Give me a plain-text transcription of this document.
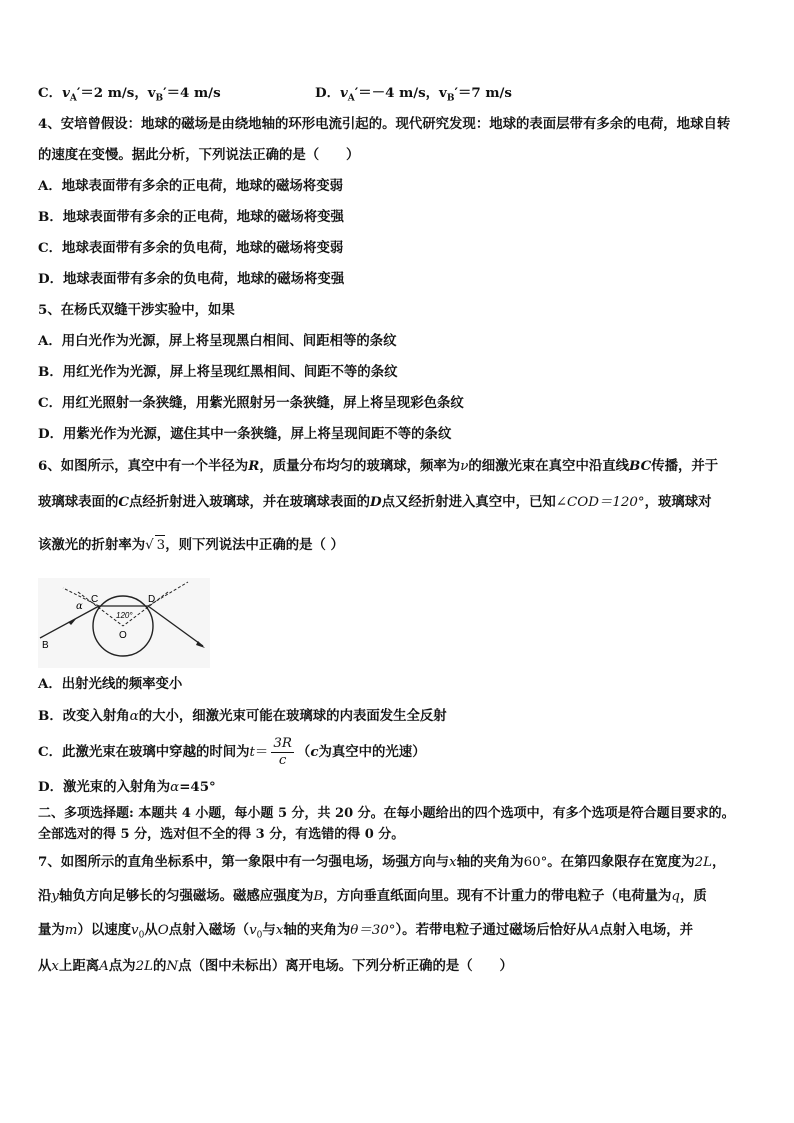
C．$v_A'=2$ m/s，$v_B'=4$ m/s	D．$v_A'=-4$ m/s，$v_B'=7$ m/s
4、安培曾假设：地球的磁场是由绕地轴的环形电流引起的。现代研究发现：地球的表面层带有多余的电荷，地球自转
的速度在变慢。据此分析，下列说法正确的是（　　）
A．地球表面带有多余的正电荷，地球的磁场将变弱
B．地球表面带有多余的正电荷，地球的磁场将变强
C．地球表面带有多余的负电荷，地球的磁场将变弱
D．地球表面带有多余的负电荷，地球的磁场将变强
5、在杨氏双缝干涉实验中，如果
A．用白光作为光源，屏上将呈现黑白相间、间距相等的条纹
B．用红光作为光源，屏上将呈现红黑相间、间距不等的条纹
C．用红光照射一条狭缝，用紫光照射另一条狭缝，屏上将呈现彩色条纹
D．用紫光作为光源，遮住其中一条狭缝，屏上将呈现间距不等的条纹
6、如图所示，真空中有一个半径为R，质量分布均匀的玻璃球，频率为ν的细激光束在真空中沿直线BC传播，并于
玻璃球表面的C点经折射进入玻璃球，并在玻璃球表面的D点又经折射进入真空中，已知∠COD＝120°，玻璃球对
该激光的折射率为√ 3，则下列说法中正确的是（ ）
B
C	D
O
α
120°
A．出射光线的频率变小
B．改变入射角α的大小，细激光束可能在玻璃球的内表面发生全反射
C．此激光束在玻璃中穿越的时间为$t= \frac{3R}{c} (c$为真空中的光速）
D．激光束的入射角为α=45°
二、多项选择题: 本题共 4 小题，每小题 5 分，共 20 分。在每小题给出的四个选项中，有多个选项是符合题目要求的。
全部选对的得 5 分，选对但不全的得 3 分，有选错的得 0 分。
7、如图所示的直角坐标系中，第一象限中有一匀强电场，场强方向与x轴的夹角为60°。在第四象限存在宽度为2L，
沿y轴负方向足够长的匀强磁场。磁感应强度为B，方向垂直纸面向里。现有不计重力的带电粒子（电荷量为q，质
量为m）以速度$v_0$从O点射入磁场（$v_0$与x轴的夹角为θ＝30°）。若带电粒子通过磁场后恰好从A点射入电场，并
从x上距离A点为2L的N点（图中未标出）离开电场。下列分析正确的是（　　）
